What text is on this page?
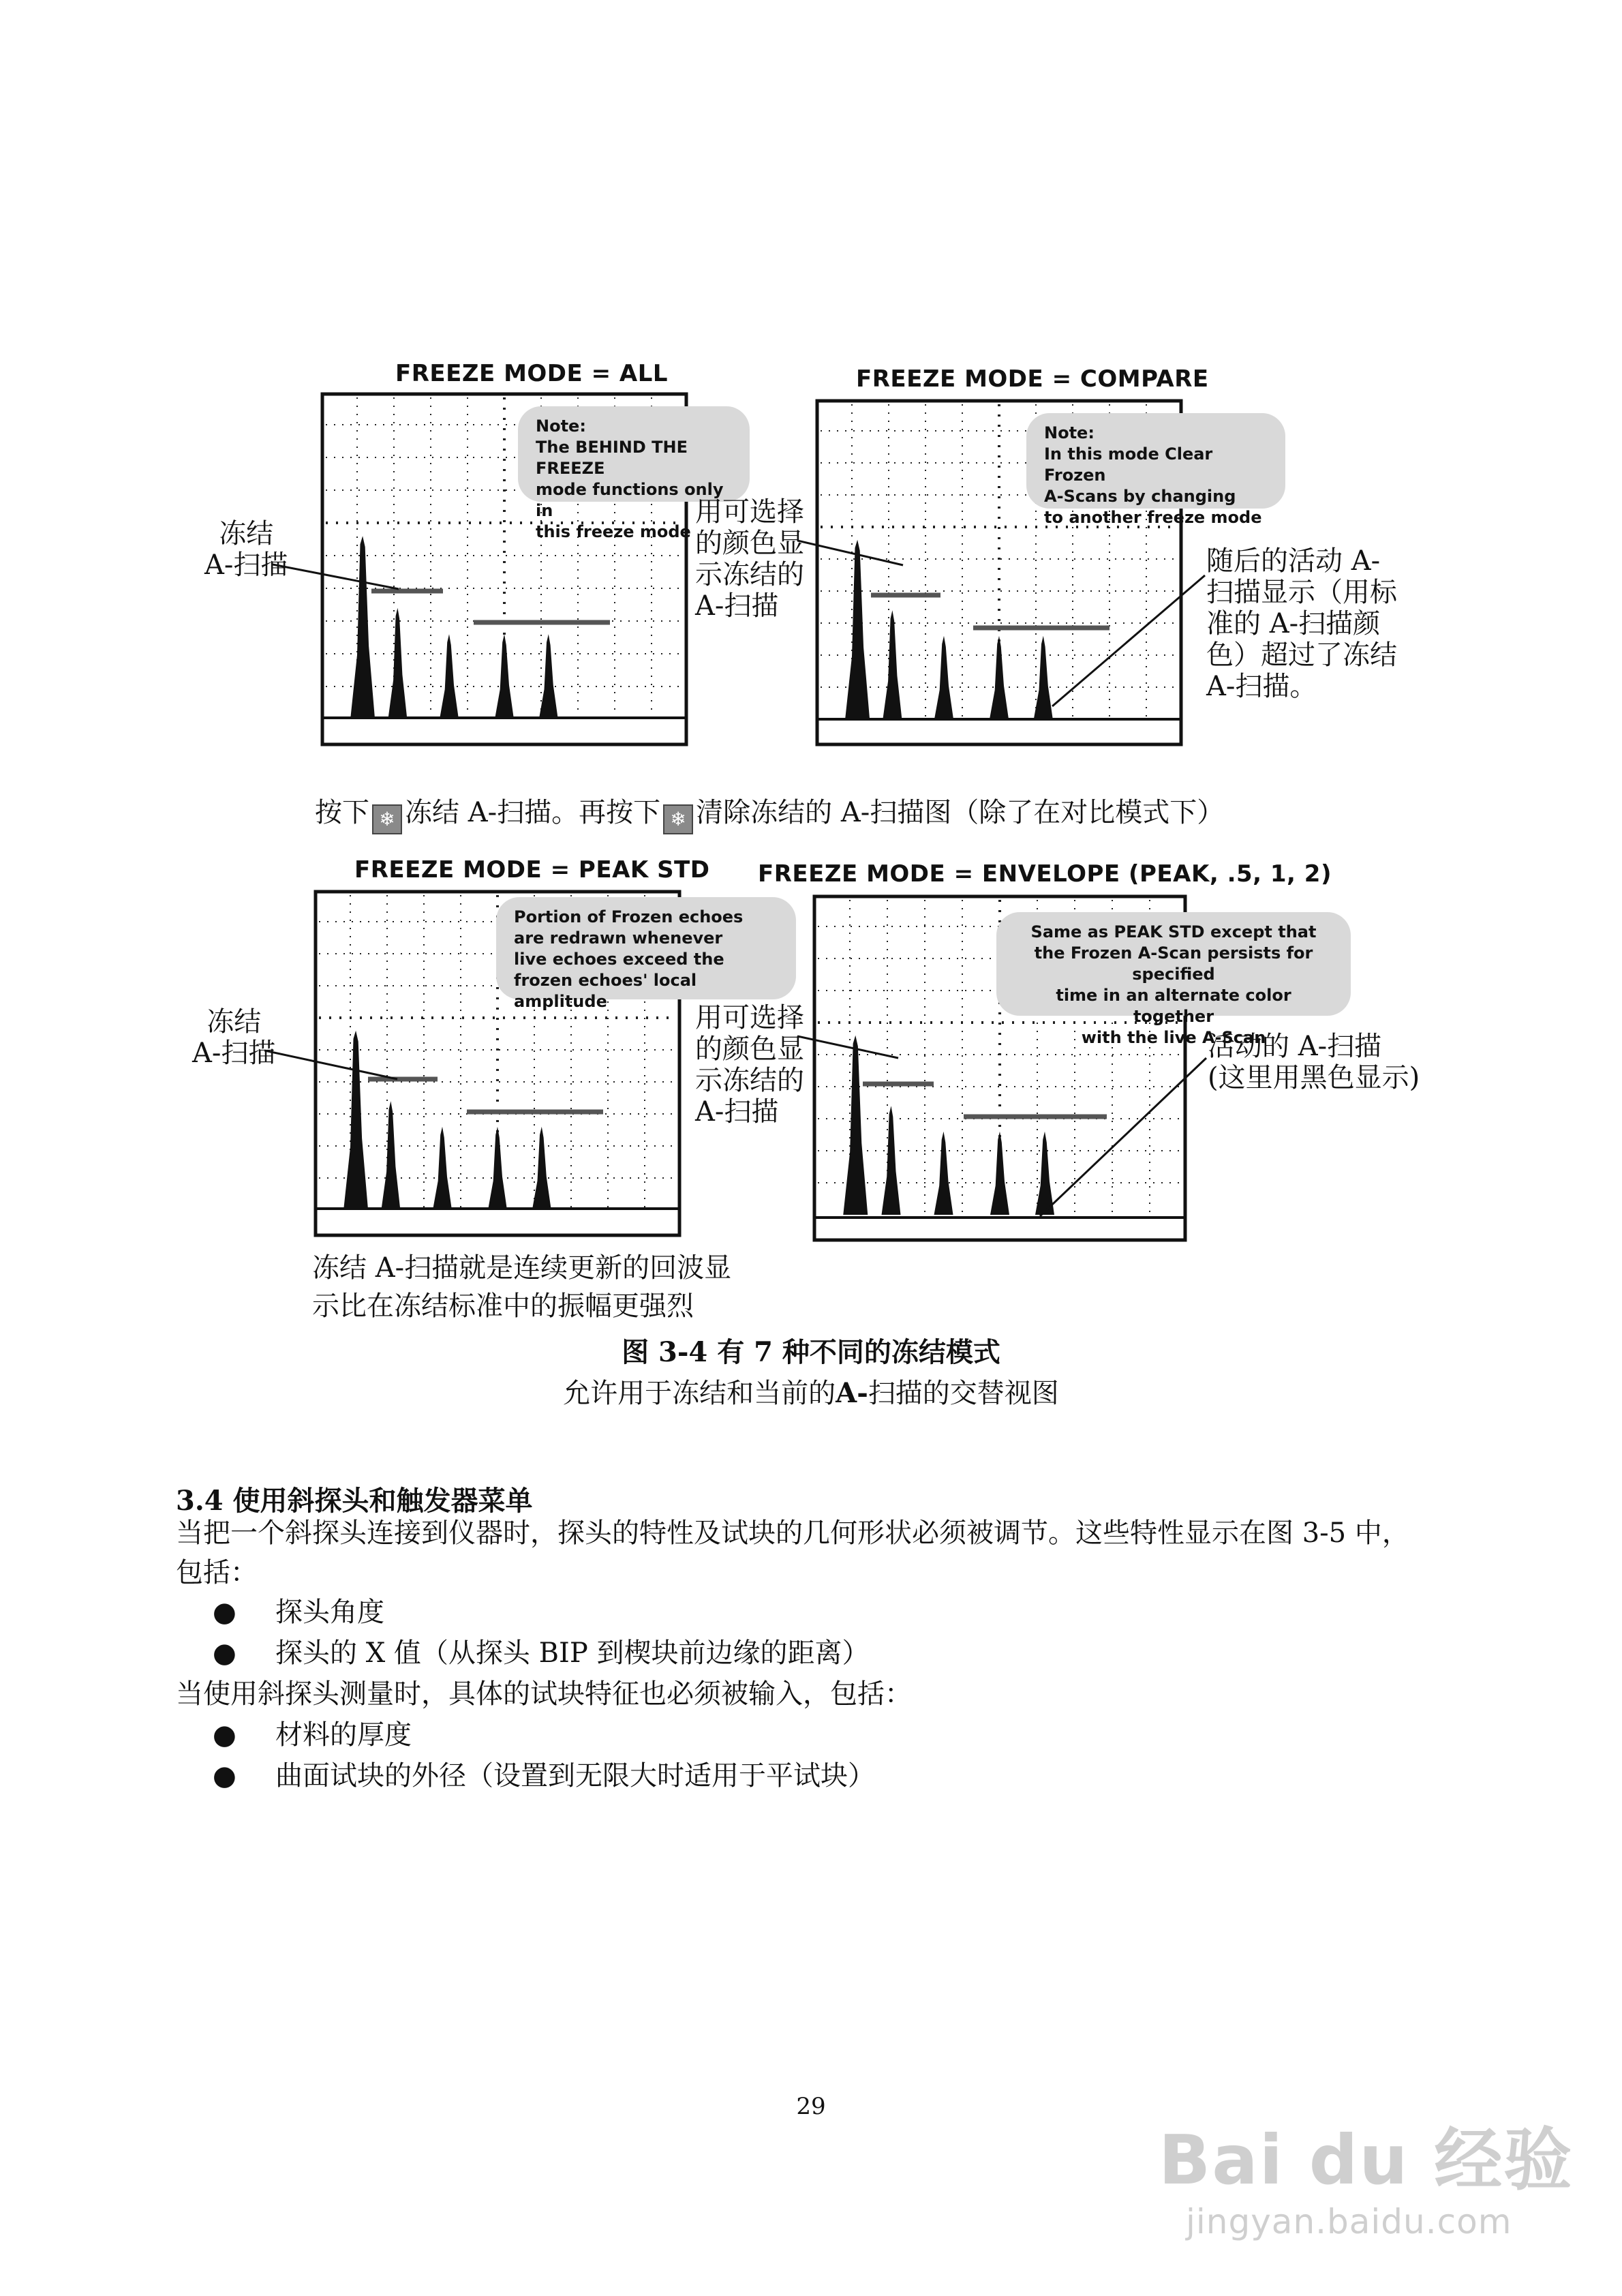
FREEZE MODE = ALL
Note:
The BEHIND THE FREEZE
mode functions only in
this freeze mode
冻结
A-扫描
用可选择
的颜色显
示冻结的
A-扫描
FREEZE MODE = COMPARE
Note:
In this mode Clear Frozen
A-Scans by changing
to another freeze mode
随后的活动 A-
扫描显示（用标
准的 A-扫描颜
色）超过了冻结
A-扫描。
按下 ❄ 冻结 A-扫描。再按下 ❄ 清除冻结的 A-扫描图（除了在对比模式下）
FREEZE MODE = PEAK STD
Portion of Frozen echoes
are redrawn whenever
live echoes exceed the
frozen echoes' local amplitude
冻结
A-扫描
用可选择
的颜色显
示冻结的
A-扫描
冻结 A-扫描就是连续更新的回波显
示比在冻结标准中的振幅更强烈
FREEZE MODE = ENVELOPE (PEAK, .5, 1, 2)
Same as PEAK STD except that
the Frozen A-Scan persists for specified
time in an alternate color together
with the live A-Scan
活动的 A-扫描
(这里用黑色显示)
图 3-4 有 7 种不同的冻结模式
允许用于冻结和当前的A-扫描的交替视图
3.4 使用斜探头和触发器菜单
当把一个斜探头连接到仪器时，探头的特性及试块的几何形状必须被调节。这些特性显示在图 3-5 中，
包括：
● 探头角度
● 探头的 X 值（从探头 BIP 到楔块前边缘的距离）
当使用斜探头测量时，具体的试块特征也必须被输入，包括：
● 材料的厚度
● 曲面试块的外径（设置到无限大时适用于平试块）
29
Bai du 经验
jingyan.baidu.com
